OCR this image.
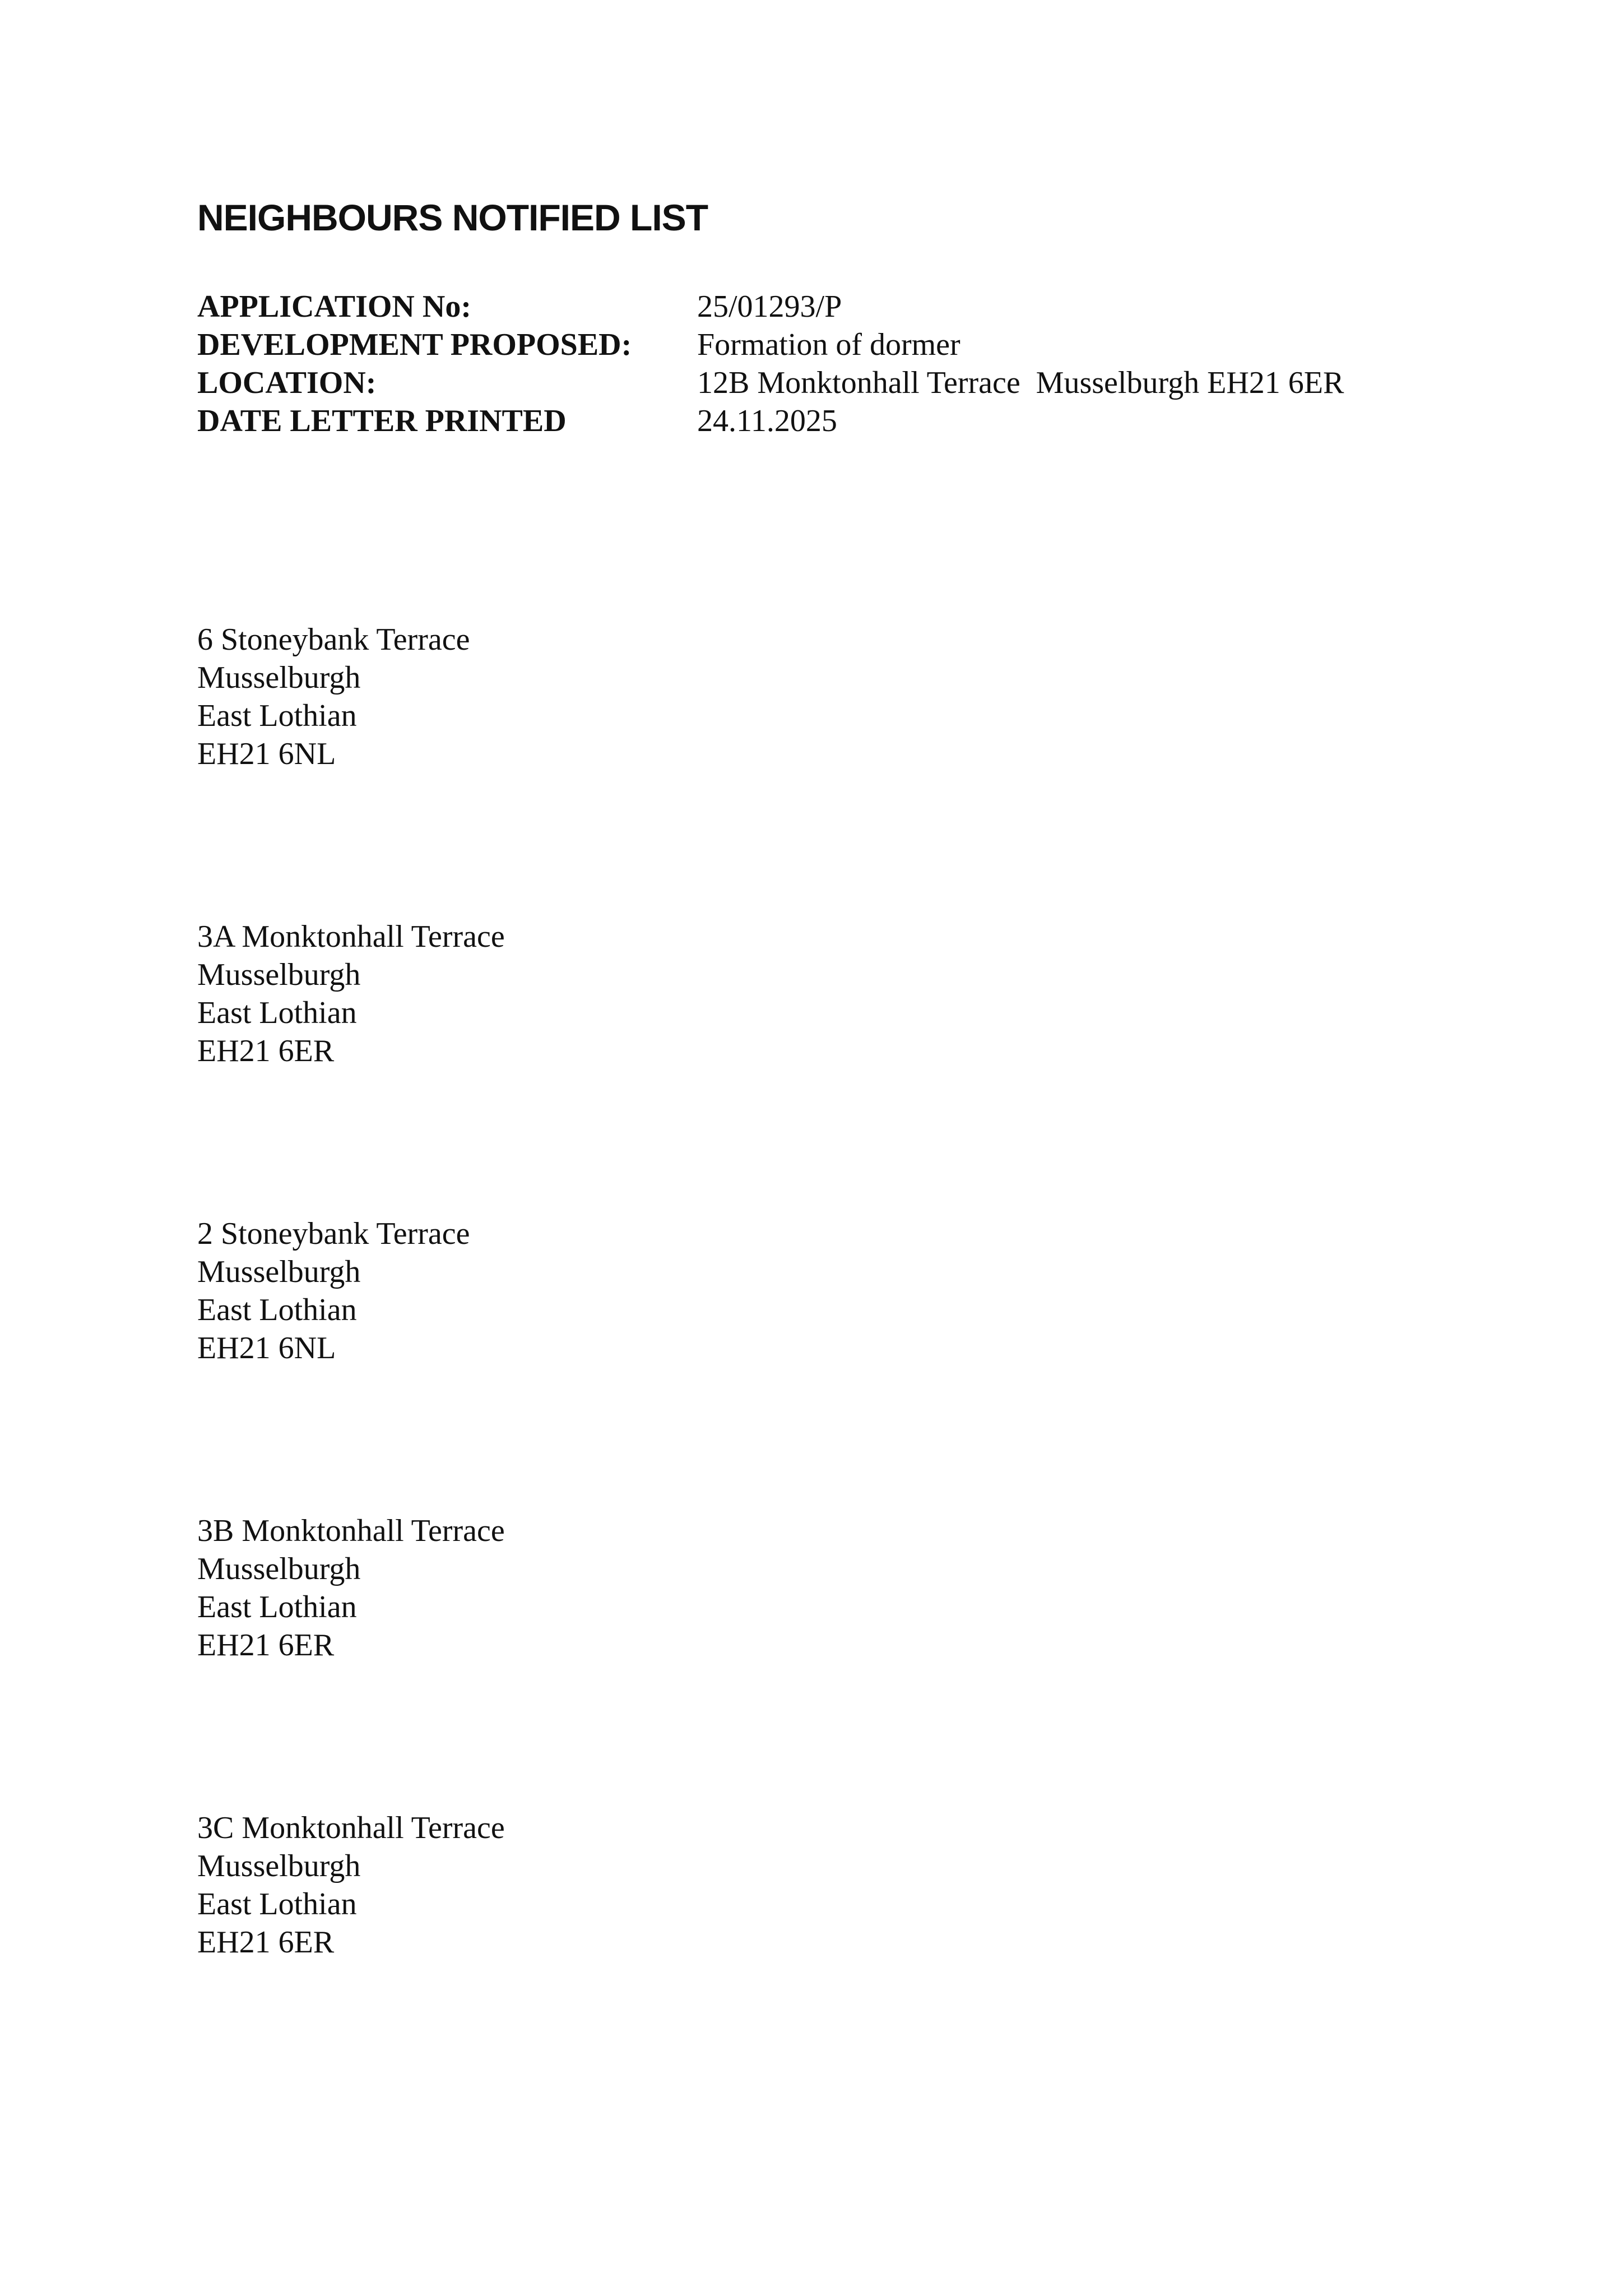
NEIGHBOURS NOTIFIED LIST
APPLICATION No:	25/01293/P
DEVELOPMENT PROPOSED:	Formation of dormer
LOCATION:	12B Monktonhall Terrace  Musselburgh EH21 6ER
DATE LETTER PRINTED	24.11.2025
6 Stoneybank Terrace
Musselburgh
East Lothian
EH21 6NL
3A Monktonhall Terrace
Musselburgh
East Lothian
EH21 6ER
2 Stoneybank Terrace
Musselburgh
East Lothian
EH21 6NL
3B Monktonhall Terrace
Musselburgh
East Lothian
EH21 6ER
3C Monktonhall Terrace
Musselburgh
East Lothian
EH21 6ER
